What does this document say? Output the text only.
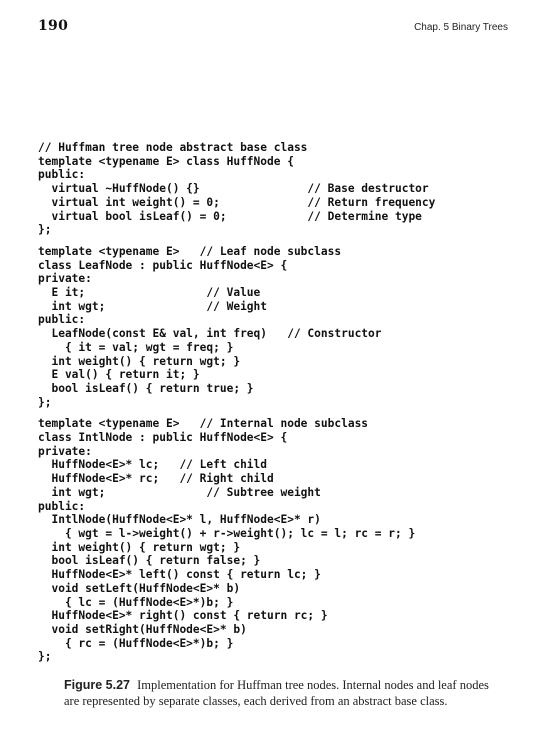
190	Chap. 5 Binary Trees
// Huffman tree node abstract base class
template <typename E> class HuffNode {
public:
virtual ~HuffNode() {}                // Base destructor
virtual int weight() = 0;             // Return frequency
virtual bool isLeaf() = 0;            // Determine type
};
template <typename E>   // Leaf node subclass
class LeafNode : public HuffNode<E> {
private:
E it;                  // Value
int wgt;               // Weight
public:
LeafNode(const E& val, int freq)   // Constructor
{ it = val; wgt = freq; }
int weight() { return wgt; }
E val() { return it; }
bool isLeaf() { return true; }
};
template <typename E>   // Internal node subclass
class IntlNode : public HuffNode<E> {
private:
HuffNode<E>* lc;   // Left child
HuffNode<E>* rc;   // Right child
int wgt;               // Subtree weight
public:
IntlNode(HuffNode<E>* l, HuffNode<E>* r)
{ wgt = l->weight() + r->weight(); lc = l; rc = r; }
int weight() { return wgt; }
bool isLeaf() { return false; }
HuffNode<E>* left() const { return lc; }
void setLeft(HuffNode<E>* b)
{ lc = (HuffNode<E>*)b; }
HuffNode<E>* right() const { return rc; }
void setRight(HuffNode<E>* b)
{ rc = (HuffNode<E>*)b; }
};
Figure 5.27 Implementation for Huffman tree nodes. Internal nodes and leaf nodes are represented by separate classes, each derived from an abstract base class.
